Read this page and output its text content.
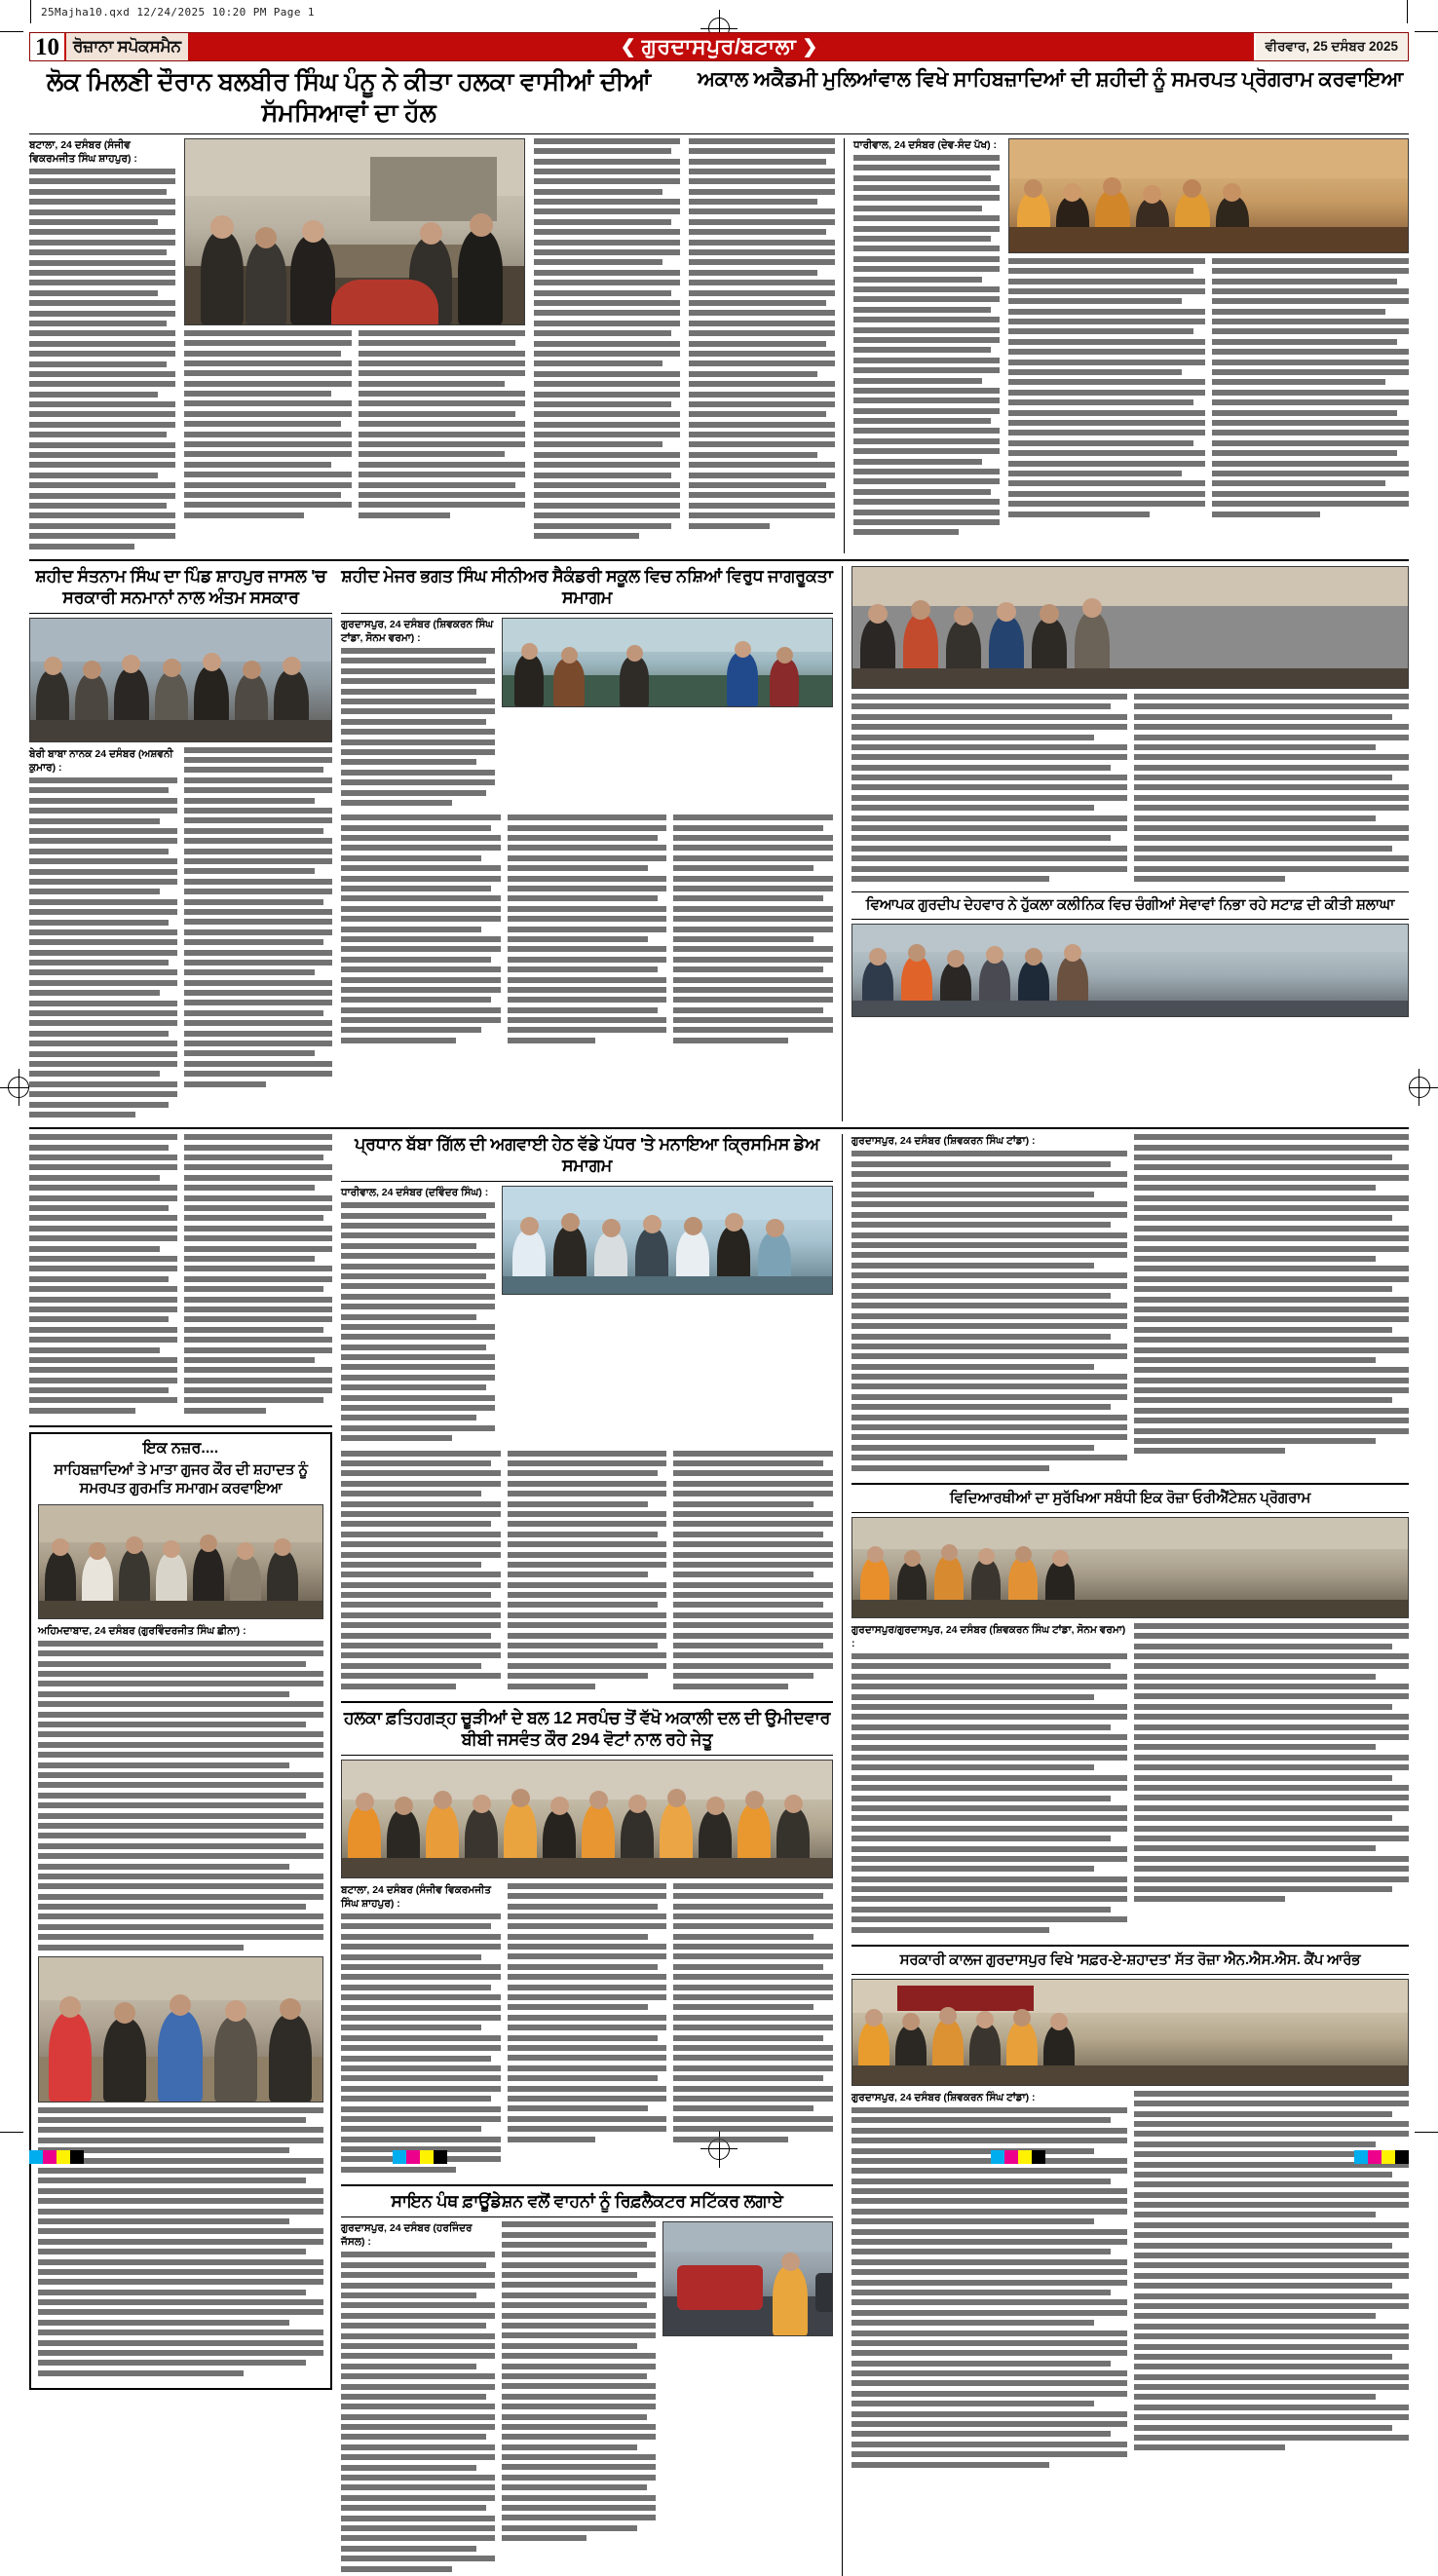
25Majha10.qxd 12/24/2025 10:20 PM Page 1
10 ਰੋਜ਼ਾਨਾ ਸਪੋਕਸਮੈਨ	ਵੀਰਵਾਰ, 25 ਦਸੰਬਰ 2025
❮ ਗੁਰਦਾਸਪੁਰ/ਬਟਾਲਾ ❯
ਲੋਕ ਮਿਲਣੀ ਦੌਰਾਨ ਬਲਬੀਰ ਸਿੰਘ ਪੰਨੂ ਨੇ ਕੀਤਾ ਹਲਕਾ ਵਾਸੀਆਂ ਦੀਆਂ ਸੱਮਸਿਆਵਾਂ ਦਾ ਹੱਲ
ਅਕਾਲ ਅਕੈਡਮੀ ਮੁਲਿਆਂਵਾਲ ਵਿਖੇ ਸਾਹਿਬਜ਼ਾਦਿਆਂ ਦੀ ਸ਼ਹੀਦੀ ਨੂੰ ਸਮਰਪਤ ਪ੍ਰੋਗਰਾਮ ਕਰਵਾਇਆ
ਬਟਾਲਾ, 24 ਦਸੰਬਰ (ਸੰਜੀਵ ਵਿਕਰਮਜੀਤ ਸਿੰਘ ਸ਼ਾਹਪੁਰ) :
ਧਾਰੀਵਾਲ, 24 ਦਸੰਬਰ (ਦੇਵ-ਸੰਦ ਪੱਖ) :
ਸ਼ਹੀਦ ਸੰਤਨਾਮ ਸਿੰਘ ਦਾ ਪਿੰਡ ਸ਼ਾਹਪੁਰ ਜਾਸਲ 'ਚ ਸਰਕਾਰੀ ਸਨਮਾਨਾਂ ਨਾਲ ਅੰਤਮ ਸਸਕਾਰ
ਬੇਰੀ ਬਾਬਾ ਨਾਨਕ 24 ਦਸੰਬਰ (ਅਸ਼ਵਨੀ ਕੁਮਾਰ) :
ਸ਼ਹੀਦ ਮੇਜਰ ਭਗਤ ਸਿੰਘ ਸੀਨੀਅਰ ਸੈਕੰਡਰੀ ਸਕੂਲ ਵਿਚ ਨਸ਼ਿਆਂ ਵਿਰੁਧ ਜਾਗਰੂਕਤਾ ਸਮਾਗਮ
ਗੁਰਦਾਸਪੁਰ, 24 ਦਸੰਬਰ (ਸ਼ਿਵਕਰਨ ਸਿੰਘ ਟਾਂਡਾ, ਸੋਨਮ ਵਰਮਾ) :
ਵਿਆਪਕ ਗੁਰਦੀਪ ਦੇਹਵਾਰ ਨੇ ਹੁੱਕਲਾ ਕਲੀਨਿਕ ਵਿਚ ਚੰਗੀਆਂ ਸੇਵਾਵਾਂ ਨਿਭਾ ਰਹੇ ਸਟਾਫ਼ ਦੀ ਕੀਤੀ ਸ਼ਲਾਘਾ
ਇਕ ਨਜ਼ਰ....
ਸਾਹਿਬਜ਼ਾਦਿਆਂ ਤੇ ਮਾਤਾ ਗੁਜਰ ਕੌਰ ਦੀ ਸ਼ਹਾਦਤ ਨੂੰ ਸਮਰਪਤ ਗੁਰਮਤਿ ਸਮਾਗਮ ਕਰਵਾਇਆ
ਅਹਿਮਦਾਬਾਦ, 24 ਦਸੰਬਰ (ਗੁਰਵਿੰਦਰਜੀਤ ਸਿੰਘ ਛੀਨਾ) :
ਪ੍ਰਧਾਨ ਬੱਬਾ ਗਿੱਲ ਦੀ ਅਗਵਾਈ ਹੇਠ ਵੱਡੇ ਪੱਧਰ 'ਤੇ ਮਨਾਇਆ ਕ੍ਰਿਸਮਿਸ ਡੇਅ ਸਮਾਗਮ
ਧਾਰੀਵਾਲ, 24 ਦਸੰਬਰ (ਦਵਿੰਦਰ ਸਿੰਘ) :
ਹਲਕਾ ਫ਼ਤਿਹਗੜ੍ਹ ਚੂੜੀਆਂ ਦੇ ਬਲ 12 ਸਰਪੰਚ ਤੋਂ ਵੱਖੋ ਅਕਾਲੀ ਦਲ ਦੀ ਉਮੀਦਵਾਰ ਬੀਬੀ ਜਸਵੰਤ ਕੌਰ 294 ਵੋਟਾਂ ਨਾਲ ਰਹੇ ਜੇਤੂ
ਬਟਾਲਾ, 24 ਦਸੰਬਰ (ਸੰਜੀਵ ਵਿਕਰਮਜੀਤ ਸਿੰਘ ਸ਼ਾਹਪੁਰ) :
ਸਾਇਨ ਪੰਥ ਫ਼ਾਊਂਡੇਸ਼ਨ ਵਲੋਂ ਵਾਹਨਾਂ ਨੂੰ ਰਿਫ਼ਲੈਕਟਰ ਸਟਿੱਕਰ ਲਗਾਏ
ਗੁਰਦਾਸਪੁਰ, 24 ਦਸੰਬਰ (ਹਰਜਿੰਦਰ ਜੱਸਲ) :
ਗੁਰਦਾਸਪੁਰ, 24 ਦਸੰਬਰ (ਸ਼ਿਵਕਰਨ ਸਿੰਘ ਟਾਂਡਾ) :
ਵਿਦਿਆਰਥੀਆਂ ਦਾ ਸੁਰੱਖਿਆ ਸਬੰਧੀ ਇਕ ਰੋਜ਼ਾ ਓਰੀਐਂਟੇਸ਼ਨ ਪ੍ਰੋਗਰਾਮ
ਗੁਰਦਾਸਪੁਰ/ਗੁਰਦਾਸਪੁਰ, 24 ਦਸੰਬਰ (ਸ਼ਿਵਕਰਨ ਸਿੰਘ ਟਾਂਡਾ, ਸੋਨਮ ਵਰਮਾ) :
ਸਰਕਾਰੀ ਕਾਲਜ ਗੁਰਦਾਸਪੁਰ ਵਿਖੇ 'ਸਫ਼ਰ-ਏ-ਸ਼ਹਾਦਤ' ਸੱਤ ਰੋਜ਼ਾ ਐਨ.ਐਸ.ਐਸ. ਕੈਂਪ ਆਰੰਭ
ਗੁਰਦਾਸਪੁਰ, 24 ਦਸੰਬਰ (ਸ਼ਿਵਕਰਨ ਸਿੰਘ ਟਾਂਡਾ) :
